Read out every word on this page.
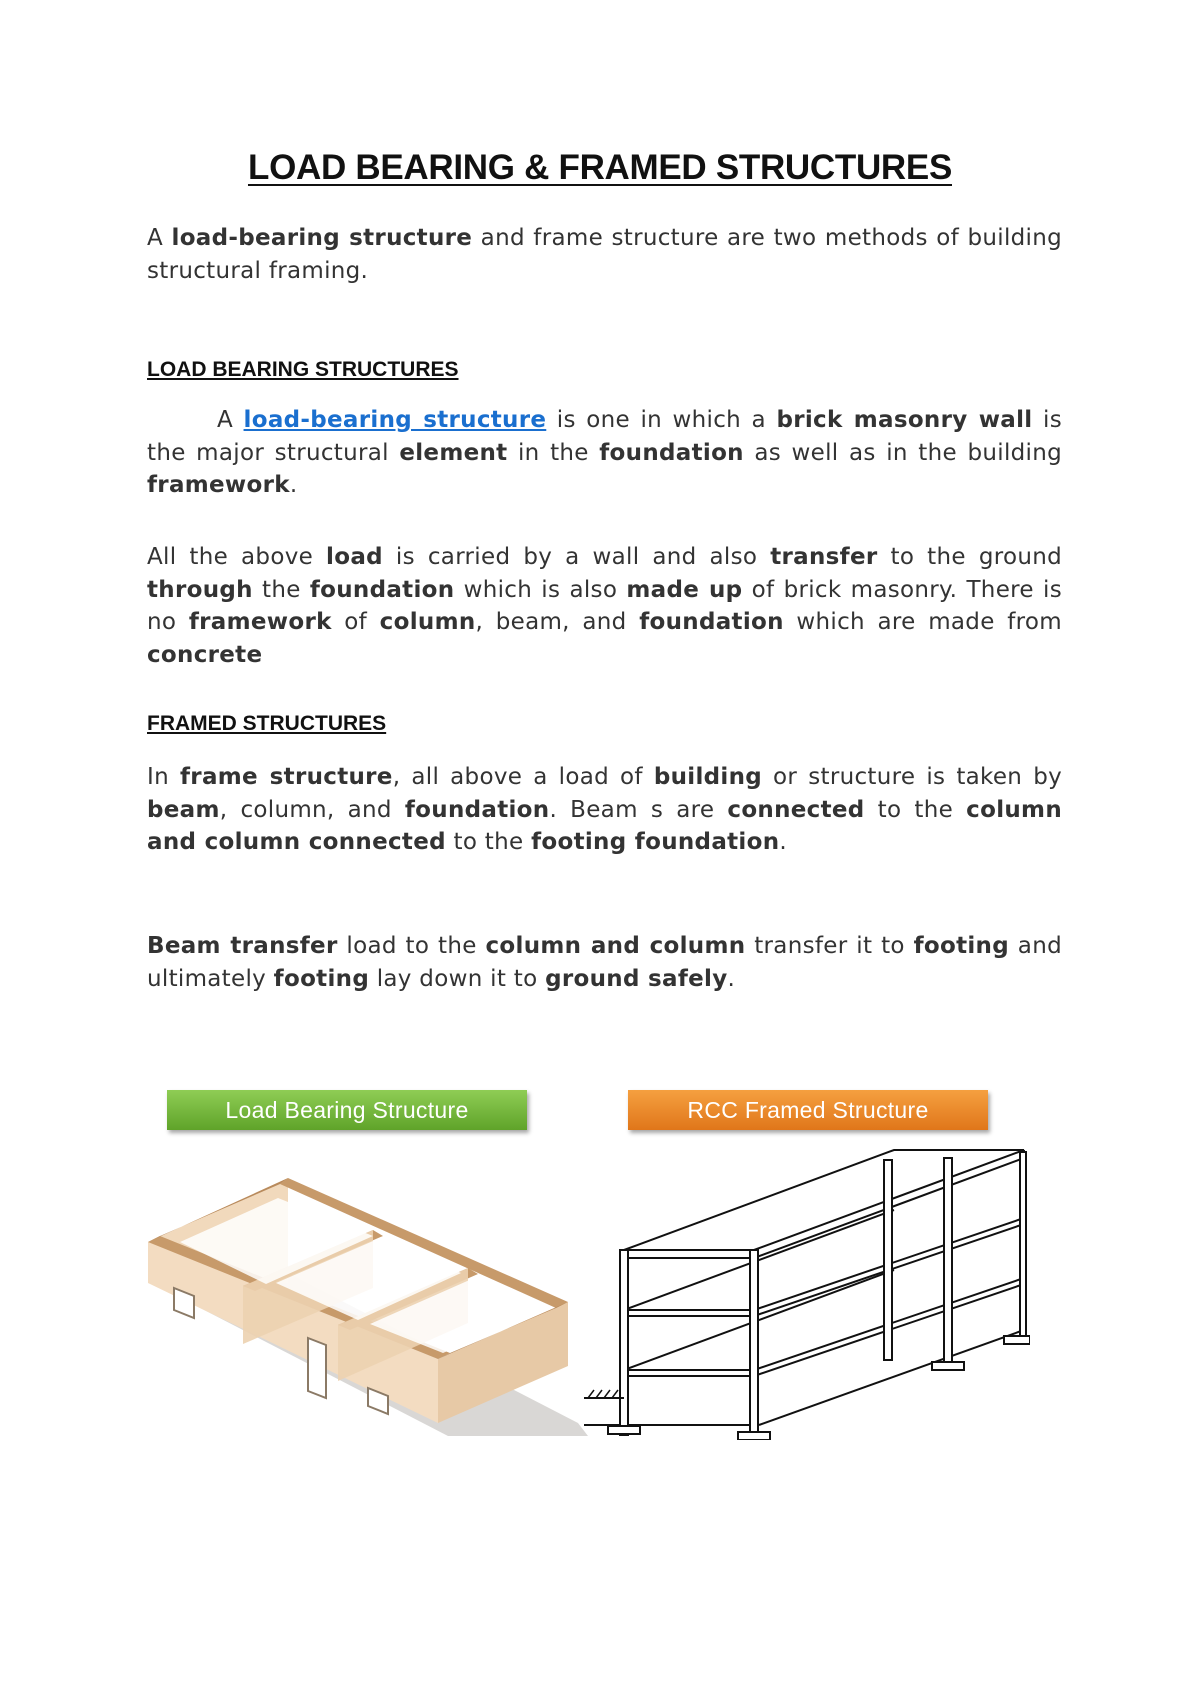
LOAD BEARING & FRAMED STRUCTURES

A load-bearing structure and frame structure are two methods of building structural framing.

LOAD BEARING STRUCTURES

A load-bearing structure is one in which a brick masonry wall is the major structural element in the foundation as well as in the building framework.

All the above load is carried by a wall and also transfer to the ground through the foundation which is also made up of brick masonry. There is no framework of column, beam, and foundation which are made from concrete

FRAMED STRUCTURES

In frame structure, all above a load of building or structure is taken by beam, column, and foundation. Beam s are connected to the column and column connected to the footing foundation.

Beam transfer load to the column and column transfer it to footing and ultimately footing lay down it to ground safely.

Load Bearing Structure	RCC Framed Structure
